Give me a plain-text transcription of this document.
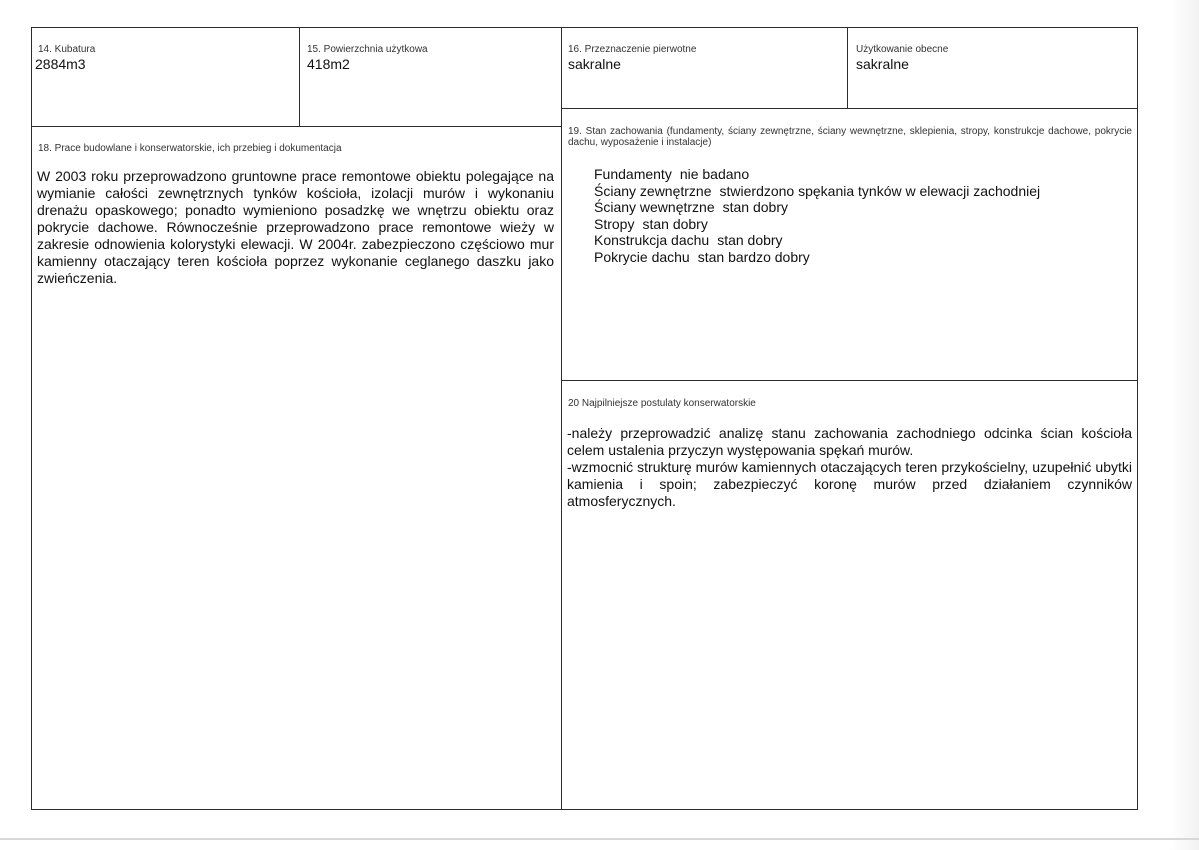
14. Kubatura
2884m3
15. Powierzchnia użytkowa
418m2
16. Przeznaczenie pierwotne
sakralne
Użytkowanie obecne
sakralne
18. Prace budowlane i konserwatorskie, ich przebieg i dokumentacja
W 2003 roku przeprowadzono gruntowne prace remontowe obiektu polegające na wymianie całości zewnętrznych tynków kościoła, izolacji murów i wykonaniu drenażu opaskowego; ponadto wymieniono posadzkę we wnętrzu obiektu oraz pokrycie dachowe. Równocześnie przeprowadzono prace remontowe wieży w zakresie odnowienia kolorystyki elewacji. W 2004r. zabezpieczono częściowo mur kamienny otaczający teren kościoła poprzez wykonanie ceglanego daszku jako zwieńczenia.
19. Stan zachowania (fundamenty, ściany zewnętrzne, ściany wewnętrzne, sklepienia, stropy, konstrukcje dachowe, pokrycie dachu, wyposażenie i instalacje)
Fundamenty nie badano
Ściany zewnętrzne stwierdzono spękania tynków w elewacji zachodniej
Ściany wewnętrzne stan dobry
Stropy stan dobry
Konstrukcja dachu stan dobry
Pokrycie dachu stan bardzo dobry
20 Najpilniejsze postulaty konserwatorskie
-należy przeprowadzić analizę stanu zachowania zachodniego odcinka ścian kościoła celem ustalenia przyczyn występowania spękań murów.
-wzmocnić strukturę murów kamiennych otaczających teren przykościelny, uzupełnić ubytki kamienia i spoin; zabezpieczyć koronę murów przed działaniem czynników atmosferycznych.
